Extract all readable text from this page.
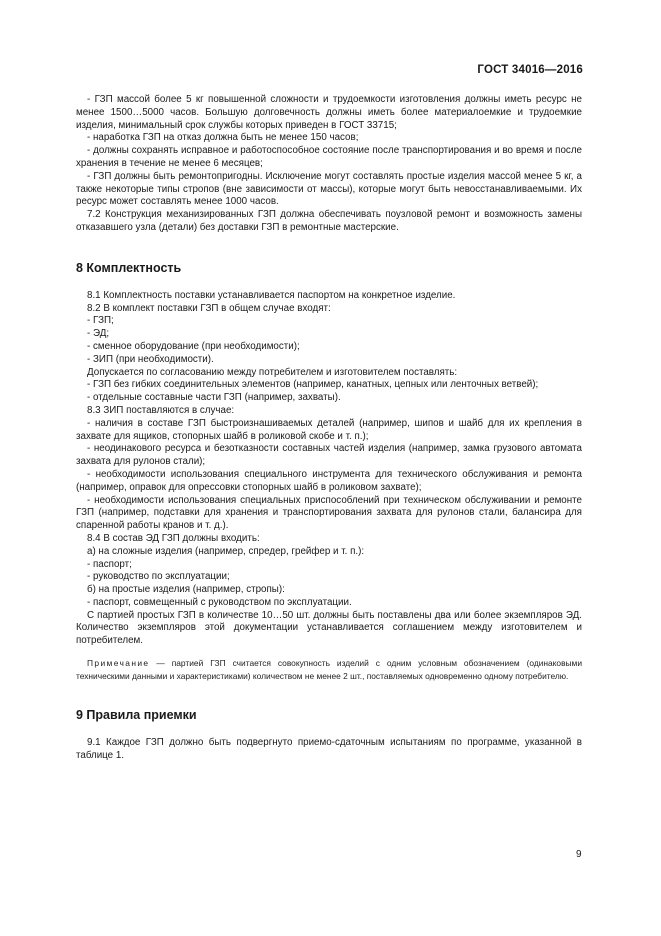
ГОСТ 34016—2016

- ГЗП массой более 5 кг повышенной сложности и трудоемкости изготовления должны иметь ресурс не менее 1500…5000 часов. Большую долговечность должны иметь более материалоемкие и трудоемкие изделия, минимальный срок службы которых приведен в ГОСТ 33715;

- наработка ГЗП на отказ должна быть не менее 150 часов;

- должны сохранять исправное и работоспособное состояние после транспортирования и во время и после хранения в течение не менее 6 месяцев;

- ГЗП должны быть ремонтопригодны. Исключение могут составлять простые изделия массой менее 5 кг, а также некоторые типы стропов (вне зависимости от массы), которые могут быть невосстанавливаемыми. Их ресурс может составлять менее 1000 часов.

7.2 Конструкция механизированных ГЗП должна обеспечивать поузловой ремонт и возможность замены отказавшего узла (детали) без доставки ГЗП в ремонтные мастерские.

8 Комплектность

8.1 Комплектность поставки устанавливается паспортом на конкретное изделие.

8.2 В комплект поставки ГЗП в общем случае входят:

- ГЗП;

- ЭД;

- сменное оборудование (при необходимости);

- ЗИП (при необходимости).

Допускается по согласованию между потребителем и изготовителем поставлять:

- ГЗП без гибких соединительных элементов (например, канатных, цепных или ленточных ветвей);

- отдельные составные части ГЗП (например, захваты).

8.3 ЗИП поставляются в случае:

- наличия в составе ГЗП быстроизнашиваемых деталей (например, шипов и шайб для их крепления в захвате для ящиков, стопорных шайб в роликовой скобе и т. п.);

- неодинакового ресурса и безотказности составных частей изделия (например, замка грузового автомата захвата для рулонов стали);

- необходимости использования специального инструмента для технического обслуживания и ремонта (например, оправок для опрессовки стопорных шайб в роликовом захвате);

- необходимости использования специальных приспособлений при техническом обслуживании и ремонте ГЗП (например, подставки для хранения и транспортирования захвата для рулонов стали, балансира для спаренной работы кранов и т. д.).

8.4 В состав ЭД ГЗП должны входить:

а) на сложные изделия (например, спредер, грейфер и т. п.):

- паспорт;

- руководство по эксплуатации;

б) на простые изделия (например, стропы):

- паспорт, совмещенный с руководством по эксплуатации.

С партией простых ГЗП в количестве 10…50 шт. должны быть поставлены два или более экземпляров ЭД. Количество экземпляров этой документации устанавливается соглашением между изготовителем и потребителем.

Примечание — партией ГЗП считается совокупность изделий с одним условным обозначением (одинаковыми техническими данными и характеристиками) количеством не менее 2 шт., поставляемых одновременно одному потребителю.

9 Правила приемки

9.1 Каждое ГЗП должно быть подвергнуто приемо-сдаточным испытаниям по программе, указанной в таблице 1.

9
